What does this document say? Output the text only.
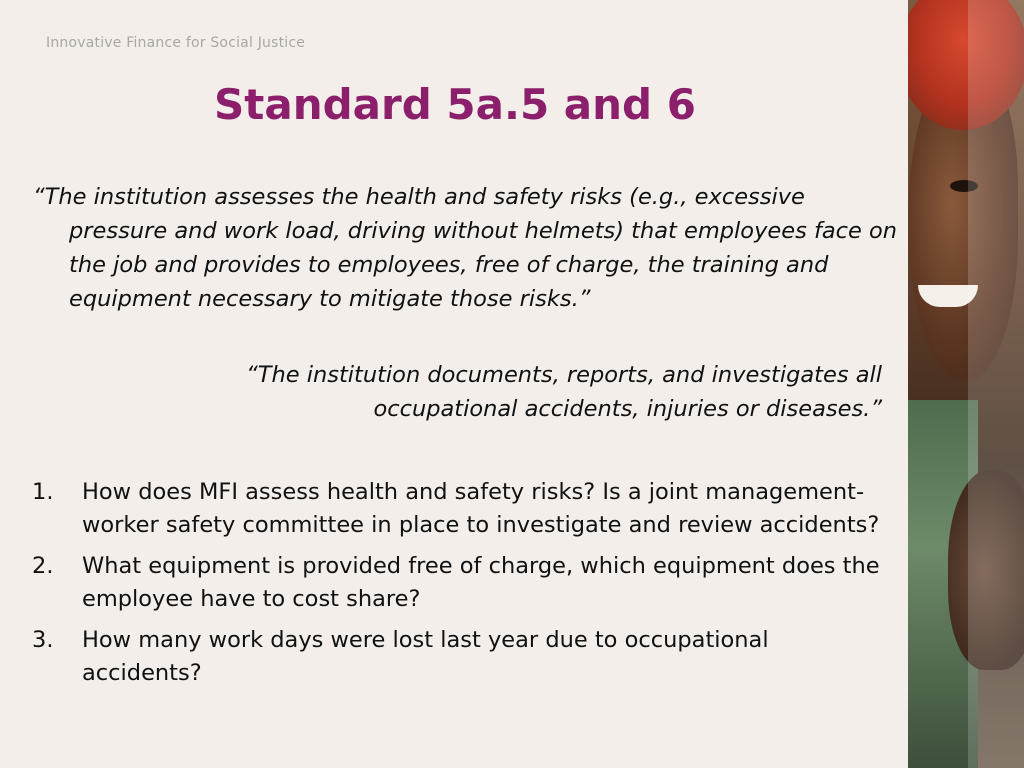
Innovative Finance for Social Justice
Standard 5a.5 and 6
“The institution assesses the health and safety risks (e.g., excessive pressure and work load, driving without helmets) that employees face on the job and provides to employees, free of charge, the training and equipment necessary to mitigate those risks.”
“The institution documents, reports, and investigates all occupational accidents, injuries or diseases.”
1. How does MFI assess health and safety risks? Is a joint management-worker safety committee in place to investigate and review accidents?
2. What equipment is provided free of charge, which equipment does the employee have to cost share?
3. How many work days were lost last year due to occupational accidents?
